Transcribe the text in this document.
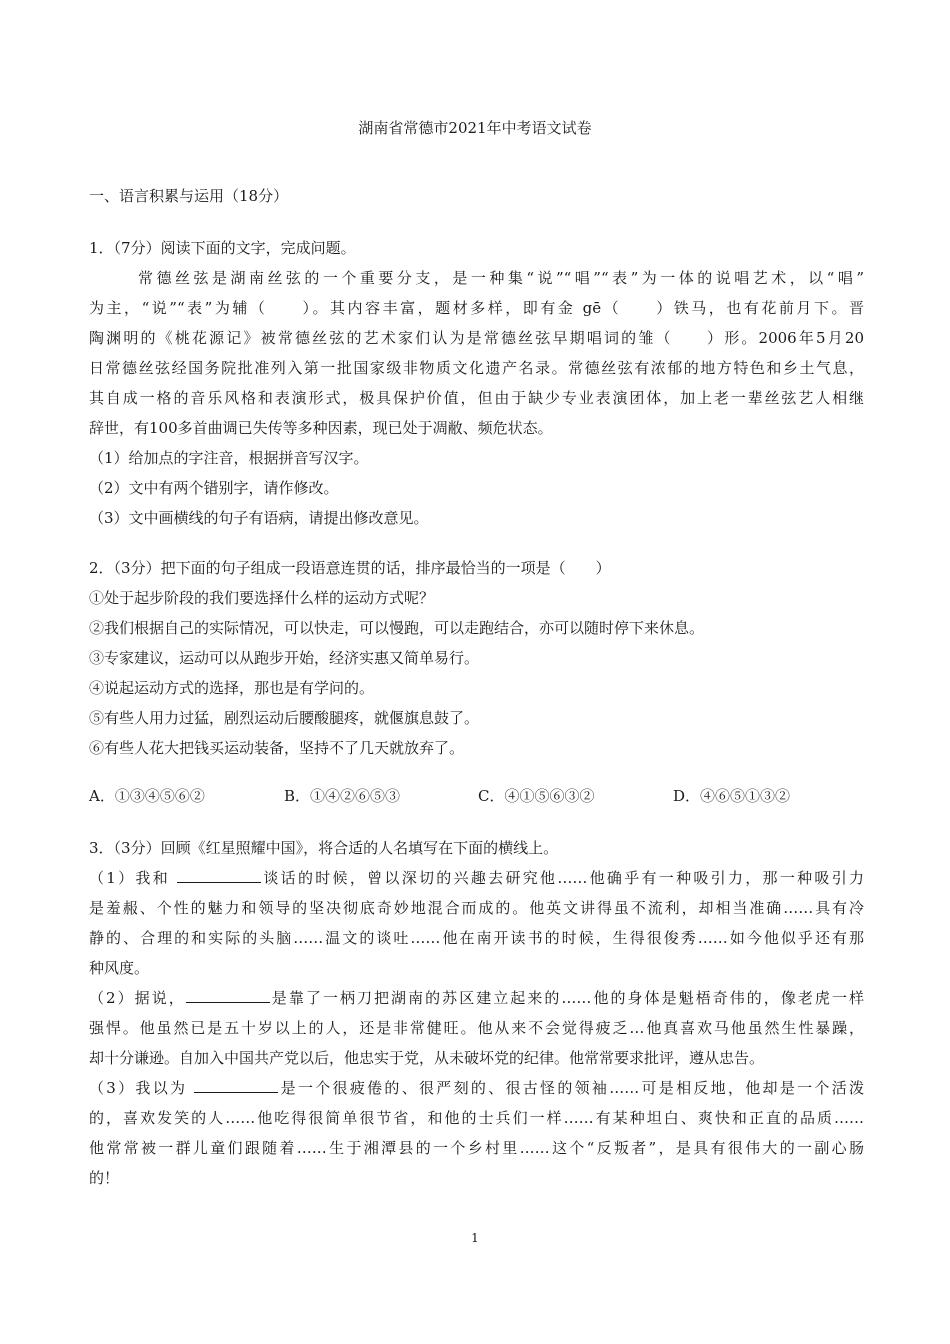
湖南省常德市2021年中考语文试卷
一、语言积累与运用（18分）
1．（7分）阅读下面的文字，完成问题。
常德丝弦是湖南丝弦的一个重要分支，是一种集“说”“唱”“表”为一体的说唱艺术，以“唱”
为主，“说”“表”为辅（　　）。其内容丰富，题材多样，即有金 gē（　　）铁马，也有花前月下。晋
陶渊明的《桃花源记》被常德丝弦的艺术家们认为是常德丝弦早期唱词的雏（　　）形。2006年5月20
日常德丝弦经国务院批准列入第一批国家级非物质文化遗产名录。常德丝弦有浓郁的地方特色和乡土气息，
其自成一格的音乐风格和表演形式，极具保护价值，但由于缺少专业表演团体，加上老一辈丝弦艺人相继
辞世，有100多首曲调已失传等多种因素，现已处于凋敝、频危状态。
（1）给加点的字注音，根据拼音写汉字。
（2）文中有两个错别字，请作修改。
（3）文中画横线的句子有语病，请提出修改意见。
2．（3分）把下面的句子组成一段语意连贯的话，排序最恰当的一项是（　　）
①处于起步阶段的我们要选择什么样的运动方式呢？
②我们根据自己的实际情况，可以快走，可以慢跑，可以走跑结合，亦可以随时停下来休息。
③专家建议，运动可以从跑步开始，经济实惠又简单易行。
④说起运动方式的选择，那也是有学问的。
⑤有些人用力过猛，剧烈运动后腰酸腿疼，就偃旗息鼓了。
⑥有些人花大把钱买运动装备，坚持不了几天就放弃了。
A．①③④⑤⑥②	B．①④②⑥⑤③	C．④①⑤⑥③②	D．④⑥⑤①③②
3．（3分）回顾《红星照耀中国》，将合适的人名填写在下面的横线上。
（1）我和	谈话的时候，曾以深切的兴趣去研究他……他确乎有一种吸引力，那一种吸引力
是羞赧、个性的魅力和领导的坚决彻底奇妙地混合而成的。他英文讲得虽不流利，却相当准确……具有冷
静的、合理的和实际的头脑……温文的谈吐……他在南开读书的时候，生得很俊秀……如今他似乎还有那
种风度。
（2）据说，	是靠了一柄刀把湖南的苏区建立起来的……他的身体是魁梧奇伟的，像老虎一样
强悍。他虽然已是五十岁以上的人，还是非常健旺。他从来不会觉得疲乏…他真喜欢马他虽然生性暴躁，
却十分谦逊。自加入中国共产党以后，他忠实于党，从未破坏党的纪律。他常常要求批评，遵从忠告。
（3）我以为	是一个很疲倦的、很严刻的、很古怪的领袖……可是相反地，他却是一个活泼
的，喜欢发笑的人……他吃得很简单很节省，和他的士兵们一样……有某种坦白、爽快和正直的品质……
他常常被一群儿童们跟随着……生于湘潭县的一个乡村里……这个“反叛者”，是具有很伟大的一副心肠
的！
1
